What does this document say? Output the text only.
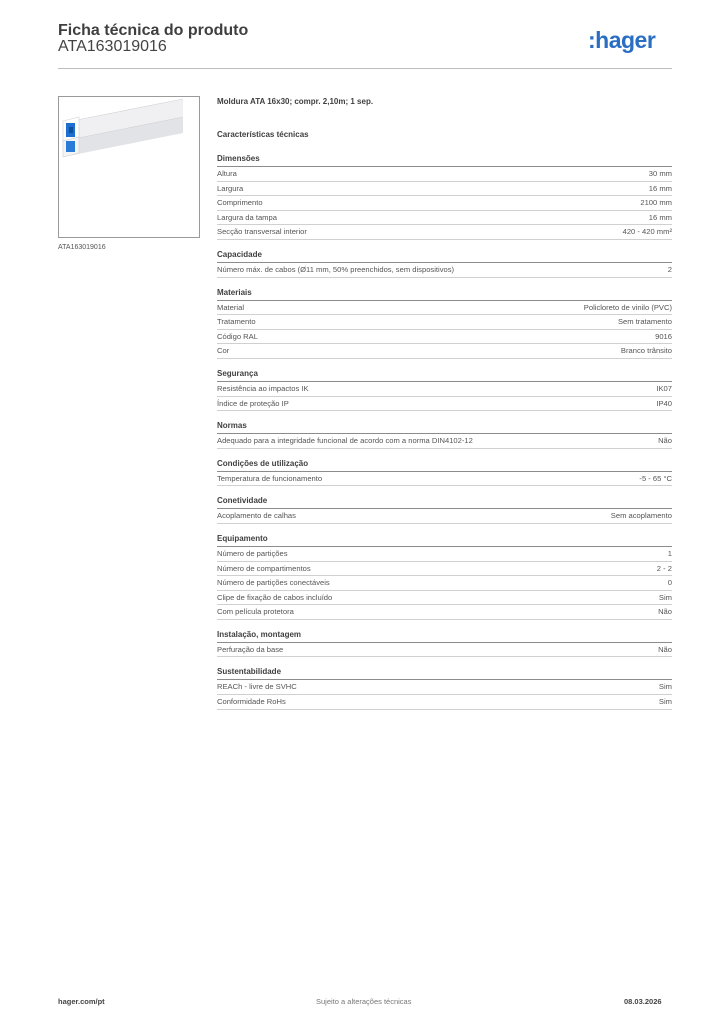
Ficha técnica do produto
ATA163019016	:hager
ATA163019016
Moldura ATA 16x30; compr. 2,10m; 1 sep.
Características técnicas
Dimensões
Altura	30 mm
Largura	16 mm
Comprimento	2100 mm
Largura da tampa	16 mm
Secção transversal interior	420 - 420 mm²
Capacidade
Número máx. de cabos (Ø11 mm, 50% preenchidos, sem dispositivos)	2
Materiais
Material	Policloreto de vinilo (PVC)
Tratamento	Sem tratamento
Código RAL	9016
Cor	Branco trânsito
Segurança
Resistência ao impactos IK	IK07
Índice de proteção IP	IP40
Normas
Adequado para a integridade funcional de acordo com a norma DIN4102-12	Não
Condições de utilização
Temperatura de funcionamento	-5 - 65 °C
Conetividade
Acoplamento de calhas	Sem acoplamento
Equipamento
Número de partições	1
Número de compartimentos	2 - 2
Número de partições conectáveis	0
Clipe de fixação de cabos incluído	Sim
Com película protetora	Não
Instalação, montagem
Perfuração da base	Não
Sustentabilidade
REACh - livre de SVHC	Sim
Conformidade RoHs	Sim
hager.com/pt	Sujeito a alterações técnicas	08.03.2026
